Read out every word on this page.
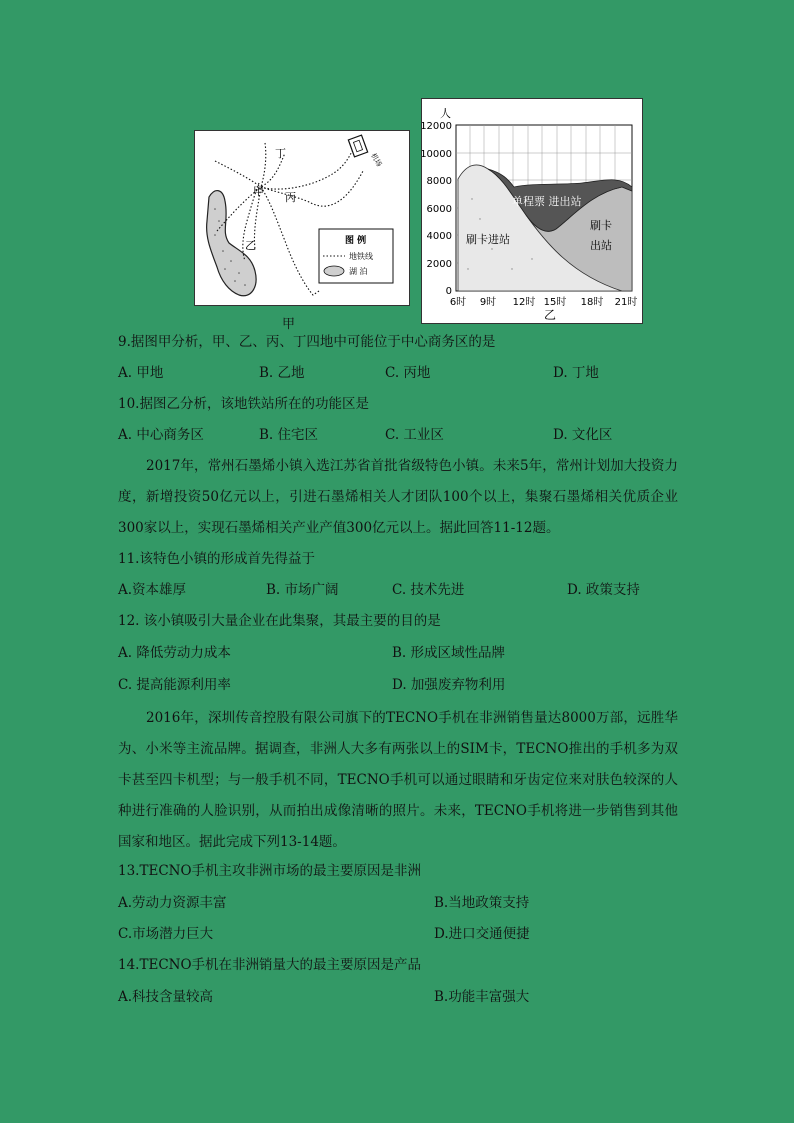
机场
丁
甲 丙
乙	图 例
地铁线
湖 泊
甲
人
12000
10000
8000
6000
4000
2000
0
6时 9时 12时 15时 18时 21时
单程票 进出站
刷卡进站
刷卡
出站
乙
9.据图甲分析，甲、乙、丙、丁四地中可能位于中心商务区的是
A. 甲地	B. 乙地	C. 丙地	D. 丁地
10.据图乙分析，该地铁站所在的功能区是
A. 中心商务区	B. 住宅区	C. 工业区	D. 文化区
2017年，常州石墨烯小镇入选江苏省首批省级特色小镇。未来5年，常州计划加大投资力度，新增投资50亿元以上，引进石墨烯相关人才团队100个以上，集聚石墨烯相关优质企业300家以上，实现石墨烯相关产业产值300亿元以上。据此回答11-12题。
11.该特色小镇的形成首先得益于
A.资本雄厚	B. 市场广阔	C. 技术先进	D. 政策支持
12. 该小镇吸引大量企业在此集聚，其最主要的目的是
A. 降低劳动力成本	B. 形成区域性品牌
C. 提高能源利用率	D. 加强废弃物利用
2016年，深圳传音控股有限公司旗下的TECNO手机在非洲销售量达8000万部，远胜华为、小米等主流品牌。据调查，非洲人大多有两张以上的SIM卡，TECNO推出的手机多为双卡甚至四卡机型；与一般手机不同，TECNO手机可以通过眼睛和牙齿定位来对肤色较深的人种进行准确的人脸识别，从而拍出成像清晰的照片。未来，TECNO手机将进一步销售到其他国家和地区。据此完成下列13-14题。
13.TECNO手机主攻非洲市场的最主要原因是非洲
A.劳动力资源丰富	B.当地政策支持
C.市场潜力巨大	D.进口交通便捷
14.TECNO手机在非洲销量大的最主要原因是产品
A.科技含量较高	B.功能丰富强大
